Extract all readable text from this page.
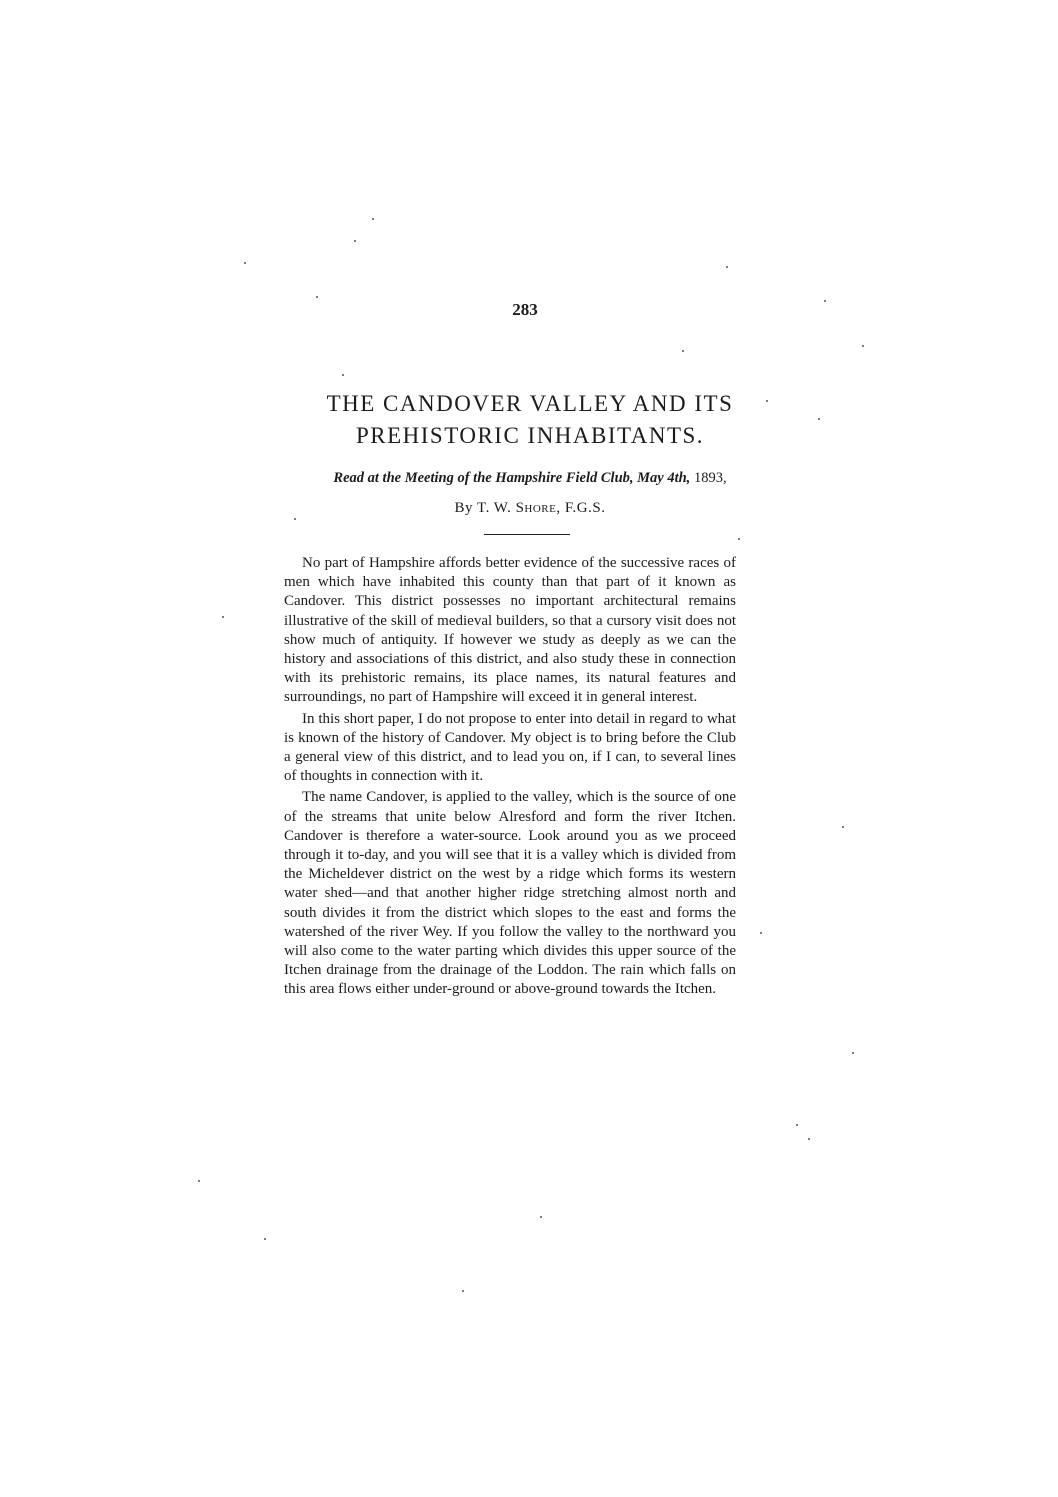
283
THE CANDOVER VALLEY AND ITS
PREHISTORIC INHABITANTS.
Read at the Meeting of the Hampshire Field Club, May 4th, 1893,
By T. W. Shore, F.G.S.

No part of Hampshire affords better evidence of the successive races of men which have inhabited this county than that part of it known as Candover. This district possesses no important architectural remains illustrative of the skill of medieval builders, so that a cursory visit does not show much of antiquity. If however we study as deeply as we can the history and associations of this district, and also study these in connection with its prehistoric remains, its place names, its natural features and surroundings, no part of Hampshire will exceed it in general interest.

In this short paper, I do not propose to enter into detail in regard to what is known of the history of Candover. My object is to bring before the Club a general view of this district, and to lead you on, if I can, to several lines of thoughts in connection with it.

The name Candover, is applied to the valley, which is the source of one of the streams that unite below Alresford and form the river Itchen. Candover is therefore a water-source. Look around you as we proceed through it to-day, and you will see that it is a valley which is divided from the Micheldever district on the west by a ridge which forms its western water shed—and that another higher ridge stretching almost north and south divides it from the district which slopes to the east and forms the watershed of the river Wey. If you follow the valley to the northward you will also come to the water parting which divides this upper source of the Itchen drainage from the drainage of the Loddon. The rain which falls on this area flows either under-ground or above-ground towards the Itchen.
